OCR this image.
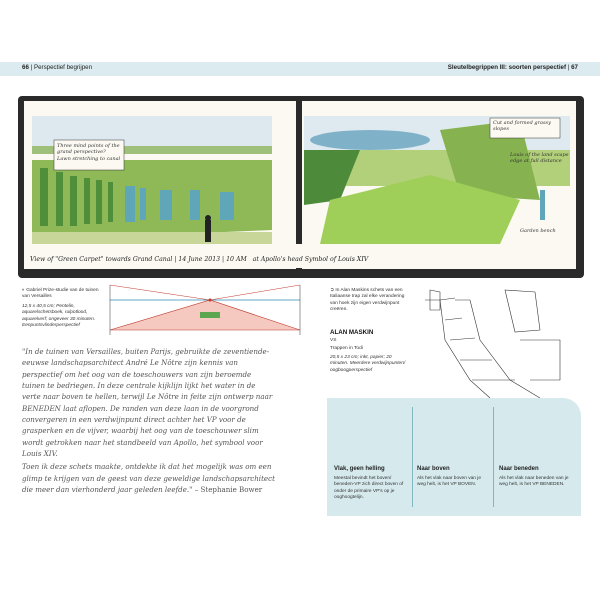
66 | Perspectief begrijpen	Sleutelbegrippen III: soorten perspectief | 67
Three mind points of the grand perspective? Lawn stretching to canal
Cut and formed grassy slopes
Louis of the land scape edge at full distance
Garden bench
View of "Green Carpet" towards Grand Canal | 14 June 2013 | 10 AM at Apollo's head Symbol of Louis XIV
◐ Gabriel Prize-studie van de tuinen van Versailles
12,5 x 40,5 cm; Pentelin, aquarelschetsboek, rulpotlood, aquarelverf; ongeveer 30 minuten. Eenpuntsvlinderperspectief
➲ In Alan Maskins schets van een Italiaanse trap zal elke verandering van hoek zijn eigen verdwijnpunt creëren.
ALAN MASKIN
VS
Trappen in Todi
20,5 x 23 cm; inkt, papier; 20 minuten. Meerdere verdwijnpunten/ oogboogperspectief

"In de tuinen van Versailles, buiten Parijs, gebruikte de zeventiende-eeuwse landschapsarchitect André Le Nôtre zijn kennis van perspectief om het oog van de toeschouwers van zijn beroemde tuinen te bedriegen. In deze centrale kijklijn lijkt het water in de verte naar boven te hellen, terwijl Le Nôtre in feite zijn ontwerp naar BENEDEN laat aflopen. De randen van deze laan in de voorgrond convergeren in een verdwijnpunt direct achter het VP voor de grasperken en de vijver, waarbij het oog van de toeschouwer slim wordt getrokken naar het standbeeld van Apollo, het symbool voor Louis XIV.

Toen ik deze schets maakte, ontdekte ik dat het mogelijk was om een glimp te krijgen van de geest van deze geweldige landschapsarchitect die meer dan vierhonderd jaar geleden leefde." – Stephanie Bower

Vlak, geen helling
Meestal bevindt het boven/ beneden-VP zich direct boven of onder de primaire VP's op je ooghoogtelijn.
Naar boven
Als het vlak naar boven van je weg helt, is het VP BOVEN.
Naar beneden
Als het vlak naar beneden van je weg helt, is het VP BENEDEN.
